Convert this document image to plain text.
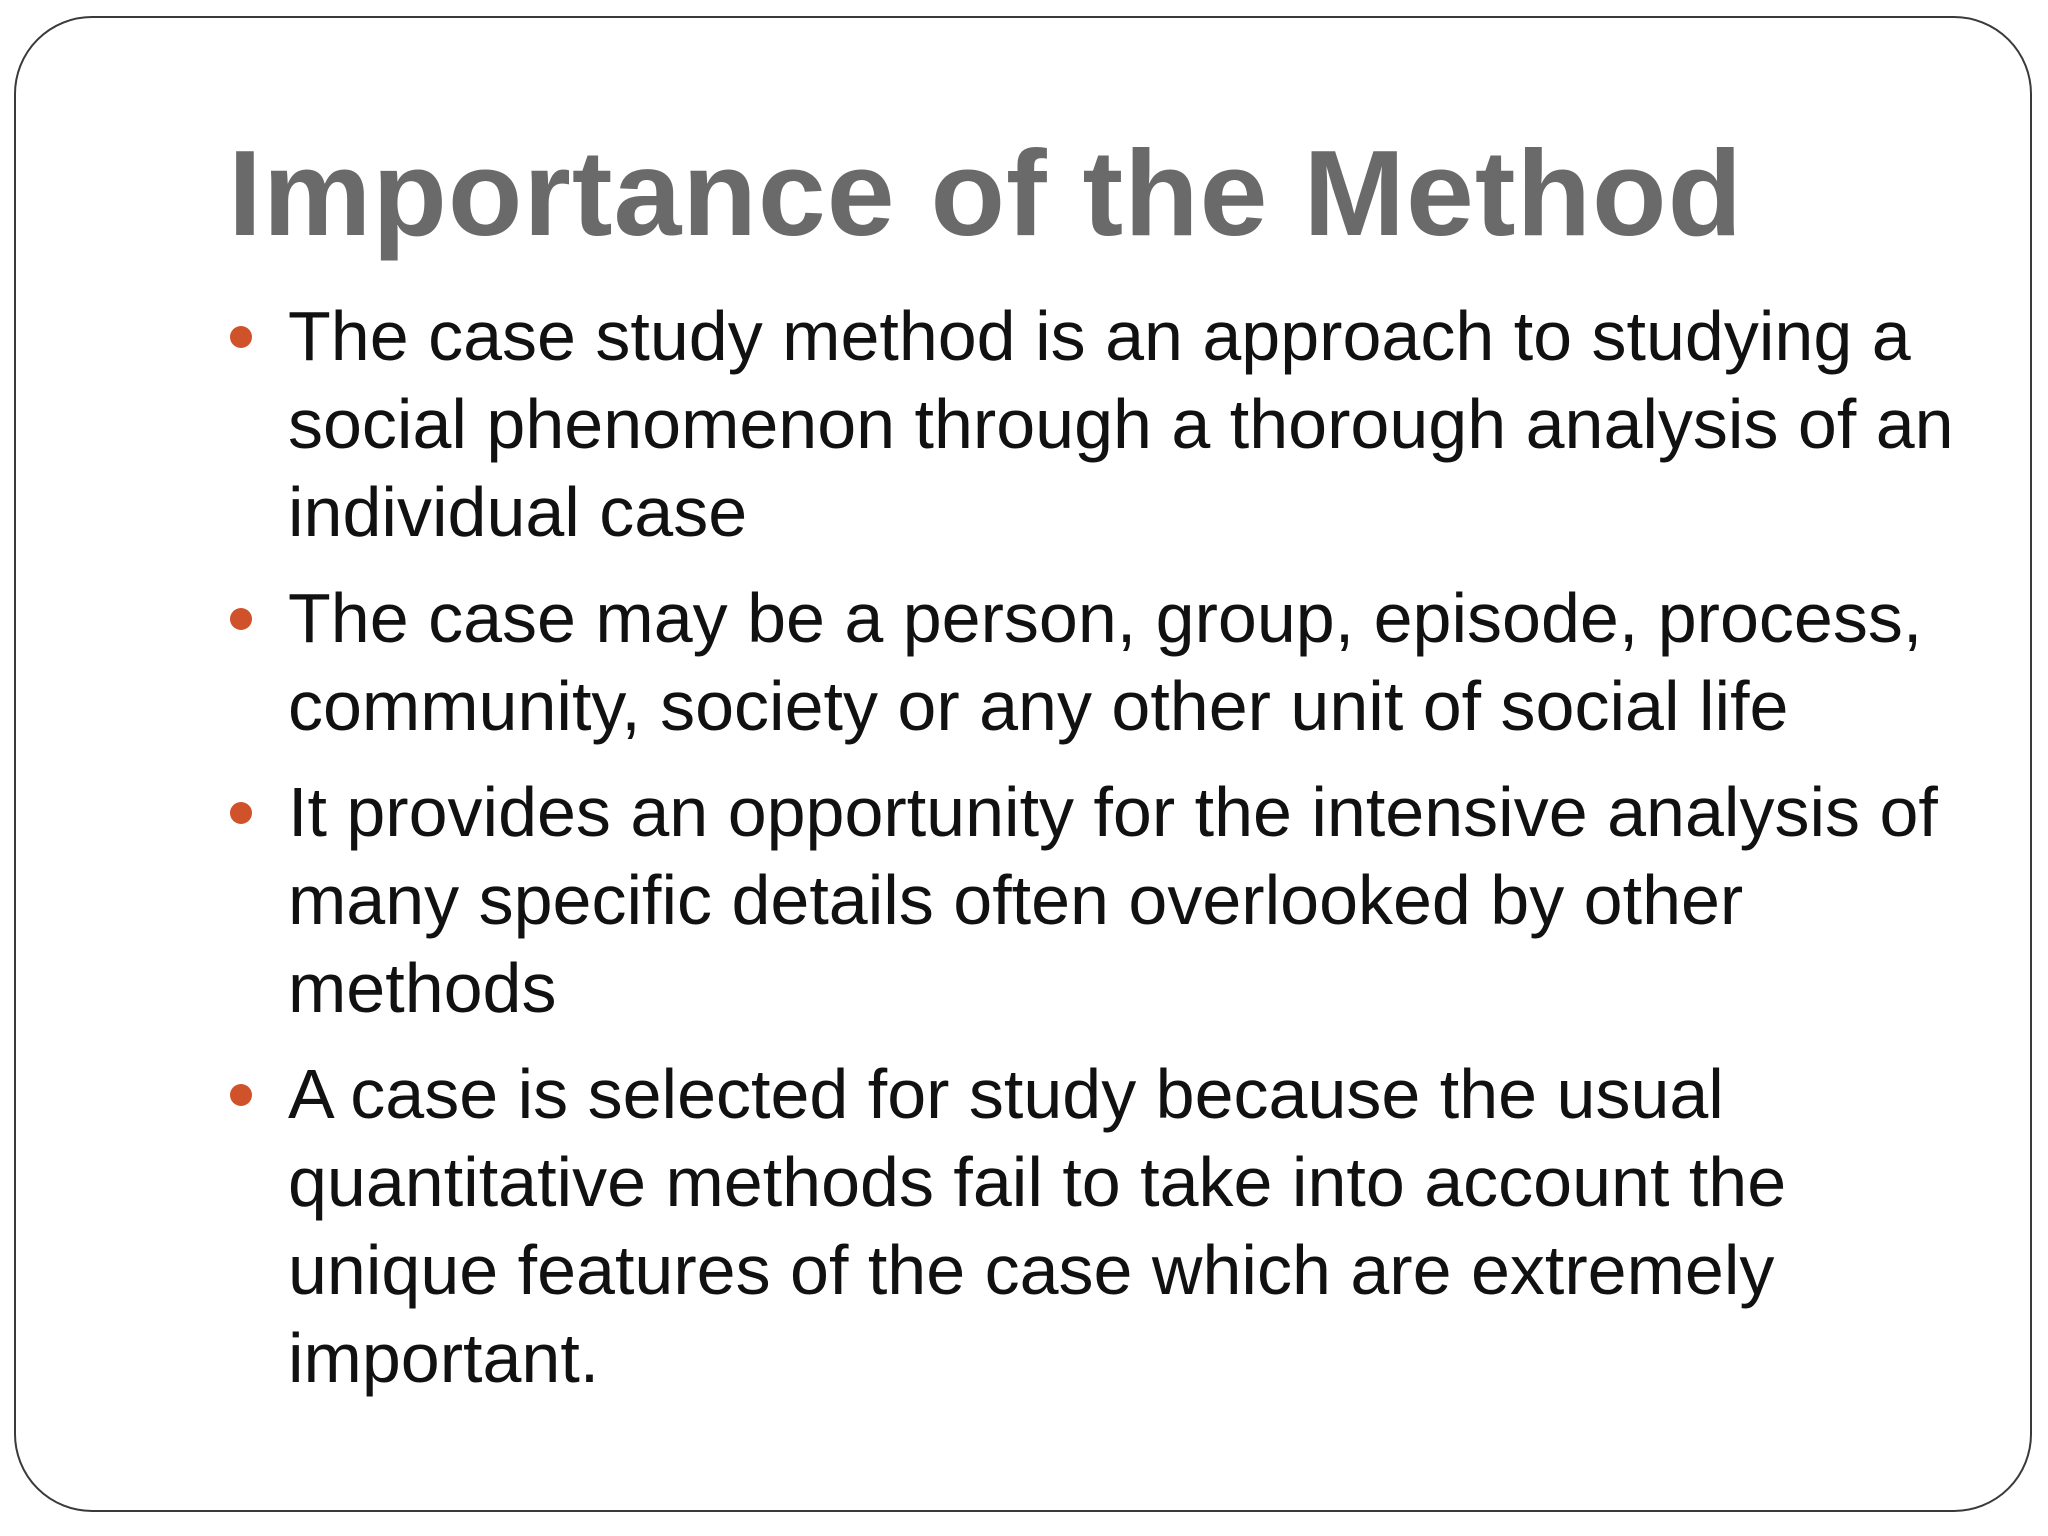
Importance of the Method
The case study method is an approach to studying a social phenomenon through a thorough analysis of an individual case
The case may be a person, group, episode, process, community, society or any other unit of social life
It provides an opportunity for the intensive analysis of many specific details often overlooked by other methods
A case is selected for study because the usual quantitative methods fail to take into account the unique features of the case which are extremely important.
